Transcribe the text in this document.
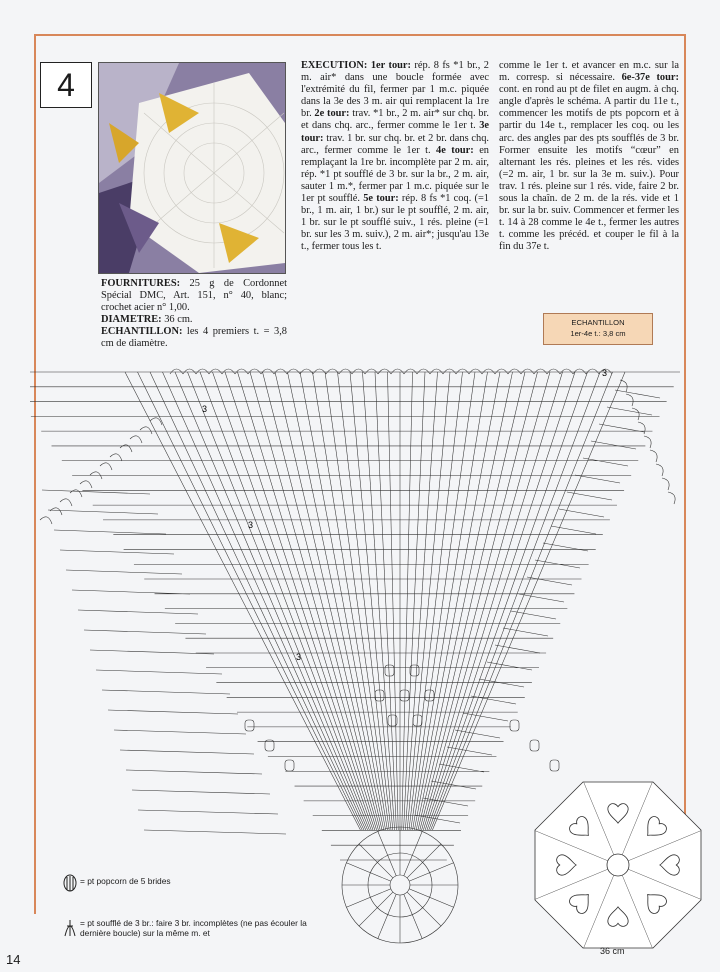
4

FOURNITURES: 25 g de Cordonnet Spécial DMC, Art. 151, n° 40, blanc; crochet acier n° 1,00.

DIAMETRE: 36 cm.

ECHANTILLON: les 4 premiers t. = 3,8 cm de diamètre.

EXECUTION: 1er tour: rép. 8 fs *1 br., 2 m. air* dans une boucle formée avec l'extrémité du fil, fermer par 1 m.c. piquée dans la 3e des 3 m. air qui remplacent la 1re br. 2e tour: trav. *1 br., 2 m. air* sur chq. br. et dans chq. arc., fermer comme le 1er t. 3e tour: trav. 1 br. sur chq. br. et 2 br. dans chq. arc., fermer comme le 1er t. 4e tour: en remplaçant la 1re br. incomplète par 2 m. air, rép. *1 pt soufflé de 3 br. sur la br., 2 m. air, sauter 1 m.*, fermer par 1 m.c. piquée sur le 1er pt soufflé. 5e tour: rép. 8 fs *1 coq. (=1 br., 1 m. air, 1 br.) sur le pt soufflé, 2 m. air, 1 br. sur le pt soufflé suiv., 1 rés. pleine (=1 br. sur les 3 m. suiv.), 2 m. air*; jusqu'au 13e t., fermer tous les t.

comme le 1er t. et avancer en m.c. sur la m. corresp. si nécessaire. 6e-37e tour: cont. en rond au pt de filet en augm. à chq. angle d'après le schéma. A partir du 11e t., commencer les motifs de pts popcorn et à partir du 14e t., remplacer les coq. ou les arc. des angles par des pts soufflés de 3 br. Former ensuite les motifs “cœur” en alternant les rés. pleines et les rés. vides (=2 m. air, 1 br. sur la 3e m. suiv.). Pour trav. 1 rés. pleine sur 1 rés. vide, faire 2 br. sous la chaîn. de 2 m. de la rés. vide et 1 br. sur la br. suiv. Commencer et fermer les t. 14 à 28 comme le 4e t., fermer les autres t. comme les précéd. et couper le fil à la fin du 37e t.

ECHANTILLON
1er-4e t.: 3,8 cm
3
3
3
3
36 cm
= pt popcorn de 5 brides
= pt soufflé de 3 br.: faire 3 br. incomplètes (ne pas écouler la dernière boucle) sur la même m. et
14
